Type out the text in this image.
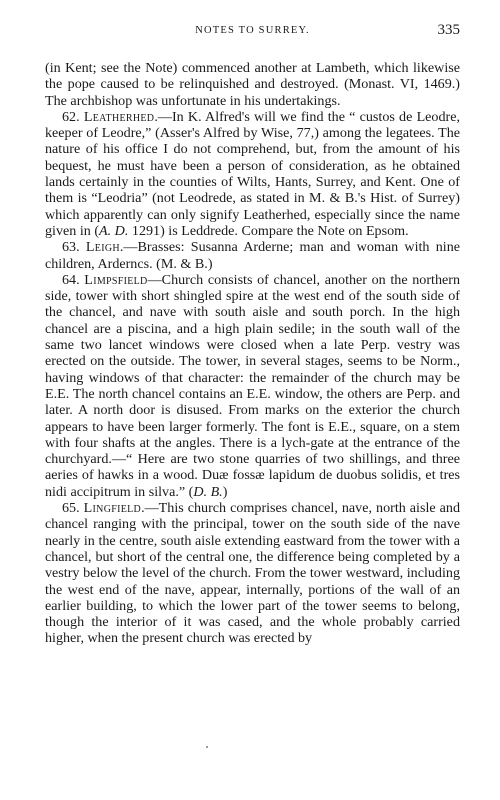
NOTES TO SURREY.	335

(in Kent; see the Note) commenced another at Lambeth, which likewise the pope caused to be relinquished and destroyed. (Monast. VI, 1469.) The archbishop was unfortunate in his undertakings.

62. Leatherhed.—In K. Alfred's will we find the “ custos de Leodre, keeper of Leodre,” (Asser's Alfred by Wise, 77,) among the legatees. The nature of his office I do not comprehend, but, from the amount of his bequest, he must have been a person of consideration, as he obtained lands certainly in the counties of Wilts, Hants, Surrey, and Kent. One of them is “Leodria” (not Leodrede, as stated in M. & B.'s Hist. of Surrey) which apparently can only signify Leatherhed, especially since the name given in (A. D. 1291) is Leddrede. Compare the Note on Epsom.

63. Leigh.—Brasses: Susanna Arderne; man and woman with nine children, Arderncs. (M. & B.)

64. Limpsfield—Church consists of chancel, another on the northern side, tower with short shingled spire at the west end of the south side of the chancel, and nave with south aisle and south porch. In the high chancel are a piscina, and a high plain sedile; in the south wall of the same two lancet windows were closed when a late Perp. vestry was erected on the outside. The tower, in several stages, seems to be Norm., having windows of that character: the remainder of the church may be E.E. The north chancel contains an E.E. window, the others are Perp. and later. A north door is disused. From marks on the exterior the church appears to have been larger formerly. The font is E.E., square, on a stem with four shafts at the angles. There is a lych-gate at the entrance of the churchyard.—“ Here are two stone quarries of two shillings, and three aeries of hawks in a wood. Duæ fossæ lapidum de duobus solidis, et tres nidi accipitrum in silva.” (D. B.)

65. Lingfield.—This church comprises chancel, nave, north aisle and chancel ranging with the principal, tower on the south side of the nave nearly in the centre, south aisle extending eastward from the tower with a chancel, but short of the central one, the difference being completed by a vestry below the level of the church. From the tower westward, including the west end of the nave, appear, internally, portions of the wall of an earlier building, to which the lower part of the tower seems to belong, though the interior of it was cased, and the whole probably carried higher, when the present church was erected by
